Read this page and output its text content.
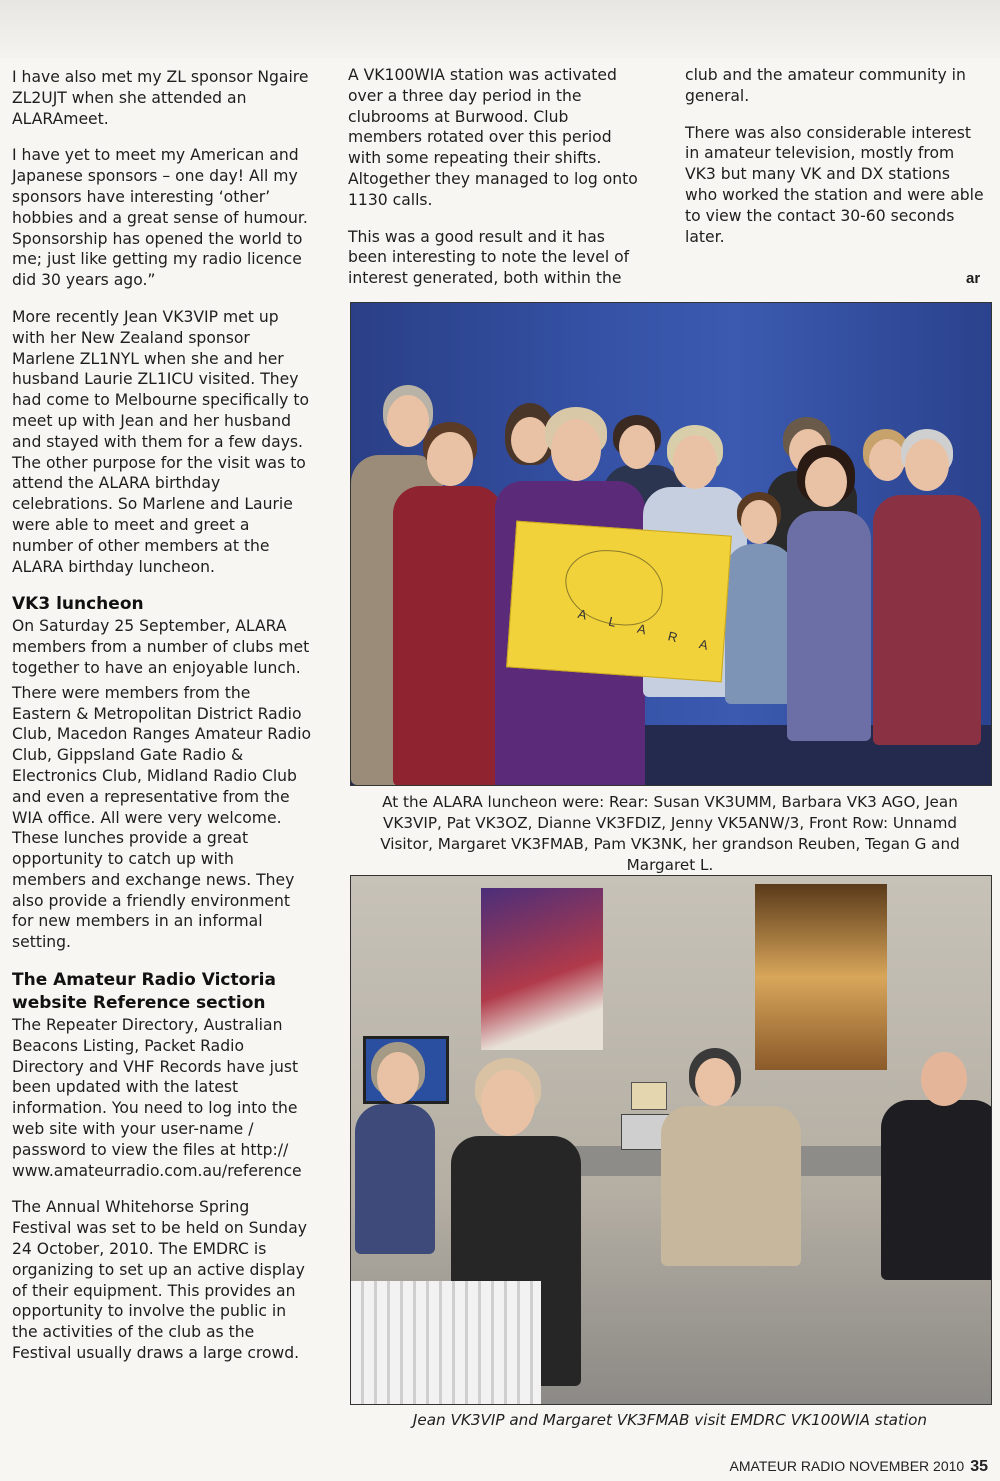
I have also met my ZL sponsor Ngaire ZL2UJT when she attended an ALARAmeet.

I have yet to meet my American and Japanese sponsors – one day! All my sponsors have interesting ‘other’ hobbies and a great sense of humour. Sponsorship has opened the world to me; just like getting my radio licence did 30 years ago.”

More recently Jean VK3VIP met up with her New Zealand sponsor Marlene ZL1NYL when she and her husband Laurie ZL1ICU visited. They had come to Melbourne specifically to meet up with Jean and her husband and stayed with them for a few days. The other purpose for the visit was to attend the ALARA birthday celebrations. So Marlene and Laurie were able to meet and greet a number of other members at the ALARA birthday luncheon.

VK3 luncheon

On Saturday 25 September, ALARA members from a number of clubs met together to have an enjoyable lunch.

There were members from the Eastern & Metropolitan District Radio Club, Macedon Ranges Amateur Radio Club, Gippsland Gate Radio & Electronics Club, Midland Radio Club and even a representative from the WIA office. All were very welcome. These lunches provide a great opportunity to catch up with members and exchange news. They also provide a friendly environment for new members in an informal setting.

The Amateur Radio Victoria website Reference section

The Repeater Directory, Australian Beacons Listing, Packet Radio Directory and VHF Records have just been updated with the latest information. You need to log into the web site with your user-name / password to view the files at http:// www.amateurradio.com.au/reference

The Annual Whitehorse Spring Festival was set to be held on Sunday 24 October, 2010. The EMDRC is organizing to set up an active display of their equipment. This provides an opportunity to involve the public in the activities of the club as the Festival usually draws a large crowd.

A VK100WIA station was activated over a three day period in the clubrooms at Burwood. Club members rotated over this period with some repeating their shifts. Altogether they managed to log onto 1130 calls.

This was a good result and it has been interesting to note the level of interest generated, both within the

club and the amateur community in general.

There was also considerable interest in amateur television, mostly from VK3 but many VK and DX stations who worked the station and were able to view the contact 30-60 seconds later.

ar
A L A R A
At the ALARA luncheon were: Rear: Susan VK3UMM, Barbara VK3 AGO, Jean VK3VIP, Pat VK3OZ, Dianne VK3FDIZ, Jenny VK5ANW/3, Front Row: Unnamd Visitor, Margaret VK3FMAB, Pam VK3NK, her grandson Reuben, Tegan G and Margaret L.
Jean VK3VIP and Margaret VK3FMAB visit EMDRC VK100WIA station
AMATEUR RADIO NOVEMBER 2010 35
